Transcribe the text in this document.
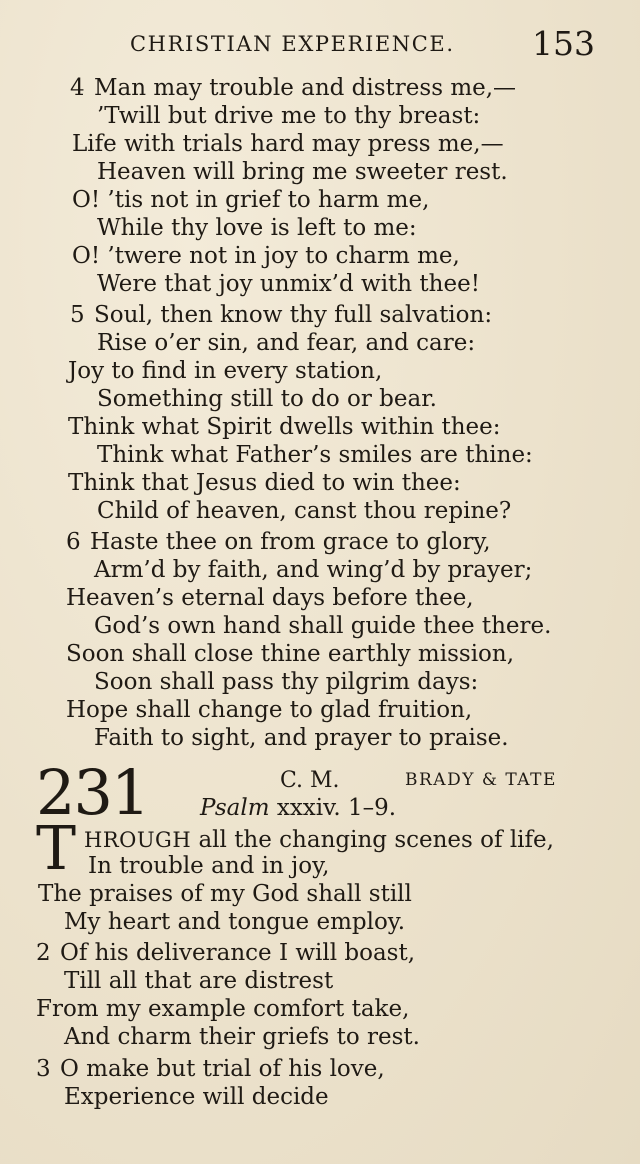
CHRISTIAN EXPERIENCE. 153
4 Man may trouble and distress me,—
’Twill but drive me to thy breast:
Life with trials hard may press me,—
Heaven will bring me sweeter rest.
O! ’tis not in grief to harm me,
While thy love is left to me:
O! ’twere not in joy to charm me,
Were that joy unmix’d with thee!
5 Soul, then know thy full salvation:
Rise o’er sin, and fear, and care:
Joy to find in every station,
Something still to do or bear.
Think what Spirit dwells within thee:
Think what Father’s smiles are thine:
Think that Jesus died to win thee:
Child of heaven, canst thou repine?
6 Haste thee on from grace to glory,
Arm’d by faith, and wing’d by prayer;
Heaven’s eternal days before thee,
God’s own hand shall guide thee there.
Soon shall close thine earthly mission,
Soon shall pass thy pilgrim days:
Hope shall change to glad fruition,
Faith to sight, and prayer to praise.
231	C. M.	BRADY & TATE
Psalm xxxiv. 1–9.
T HROUGH all the changing scenes of life,
In trouble and in joy,
The praises of my God shall still
My heart and tongue employ.
2 Of his deliverance I will boast,
Till all that are distrest
From my example comfort take,
And charm their griefs to rest.
3 O make but trial of his love,
Experience will decide
